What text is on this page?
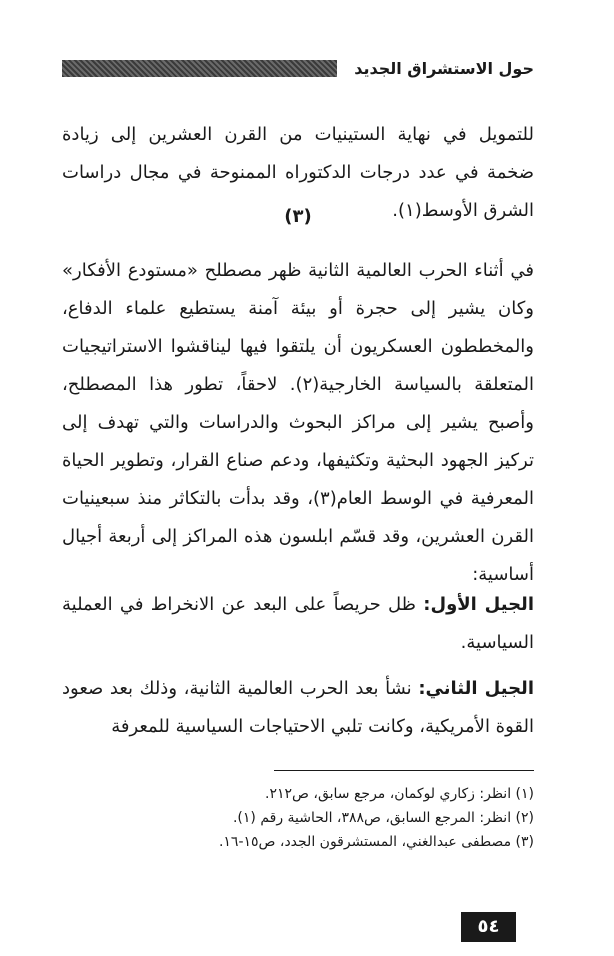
حول الاستشراق الجديد
للتمويل في نهاية الستينيات من القرن العشرين إلى زيادة ضخمة في عدد درجات الدكتوراه الممنوحة في مجال دراسات الشرق الأوسط(١).
(٣)
في أثناء الحرب العالمية الثانية ظهر مصطلح «مستودع الأفكار» وكان يشير إلى حجرة أو بيئة آمنة يستطيع علماء الدفاع، والمخططون العسكريون أن يلتقوا فيها ليناقشوا الاستراتيجيات المتعلقة بالسياسة الخارجية(٢). لاحقاً، تطور هذا المصطلح، وأصبح يشير إلى مراكز البحوث والدراسات والتي تهدف إلى تركيز الجهود البحثية وتكثيفها، ودعم صناع القرار، وتطوير الحياة المعرفية في الوسط العام(٣)، وقد بدأت بالتكاثر منذ سبعينيات القرن العشرين، وقد قسّم ابلسون هذه المراكز إلى أربعة أجيال أساسية:
الجيل الأول: ظل حريصاً على البعد عن الانخراط في العملية السياسية.
الجيل الثاني: نشأ بعد الحرب العالمية الثانية، وذلك بعد صعود القوة الأمريكية، وكانت تلبي الاحتياجات السياسية للمعرفة
(١) انظر: زكاري لوكمان، مرجع سابق، ص٢١٢.
(٢) انظر: المرجع السابق، ص٣٨٨، الحاشية رقم (١).
(٣) مصطفى عبدالغني، المستشرقون الجدد، ص١٥-١٦.
٥٤
